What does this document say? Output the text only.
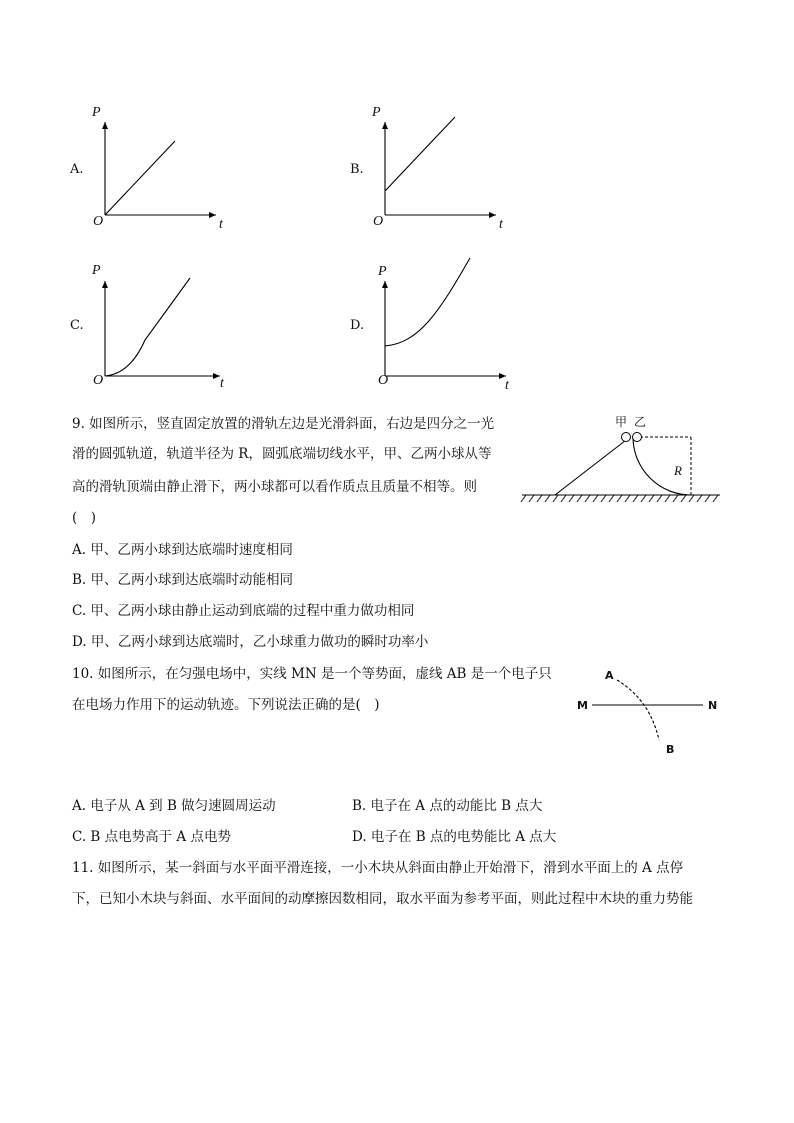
A.	B.
C.	D.
P
O	t
P
O	t
P
O	t
P
O	t
9. 如图所示，竖直固定放置的滑轨左边是光滑斜面，右边是四分之一光
滑的圆弧轨道，轨道半径为 R，圆弧底端切线水平，甲、乙两小球从等
高的滑轨顶端由静止滑下，两小球都可以看作质点且质量不相等。则
(　)
A. 甲、乙两小球到达底端时速度相同
B. 甲、乙两小球到达底端时动能相同
C. 甲、乙两小球由静止运动到底端的过程中重力做功相同
D. 甲、乙两小球到达底端时，乙小球重力做功的瞬时功率小
甲 乙
R
10. 如图所示，在匀强电场中，实线 MN 是一个等势面，虚线 AB 是一个电子只
在电场力作用下的运动轨迹。下列说法正确的是(　)
A. 电子从 A 到 B 做匀速圆周运动	B. 电子在 A 点的动能比 B 点大
C. B 点电势高于 A 点电势	D. 电子在 B 点的电势能比 A 点大
M	N
A
B
11. 如图所示，某一斜面与水平面平滑连接，一小木块从斜面由静止开始滑下，滑到水平面上的 A 点停
下，已知小木块与斜面、水平面间的动摩擦因数相同，取水平面为参考平面，则此过程中木块的重力势能
